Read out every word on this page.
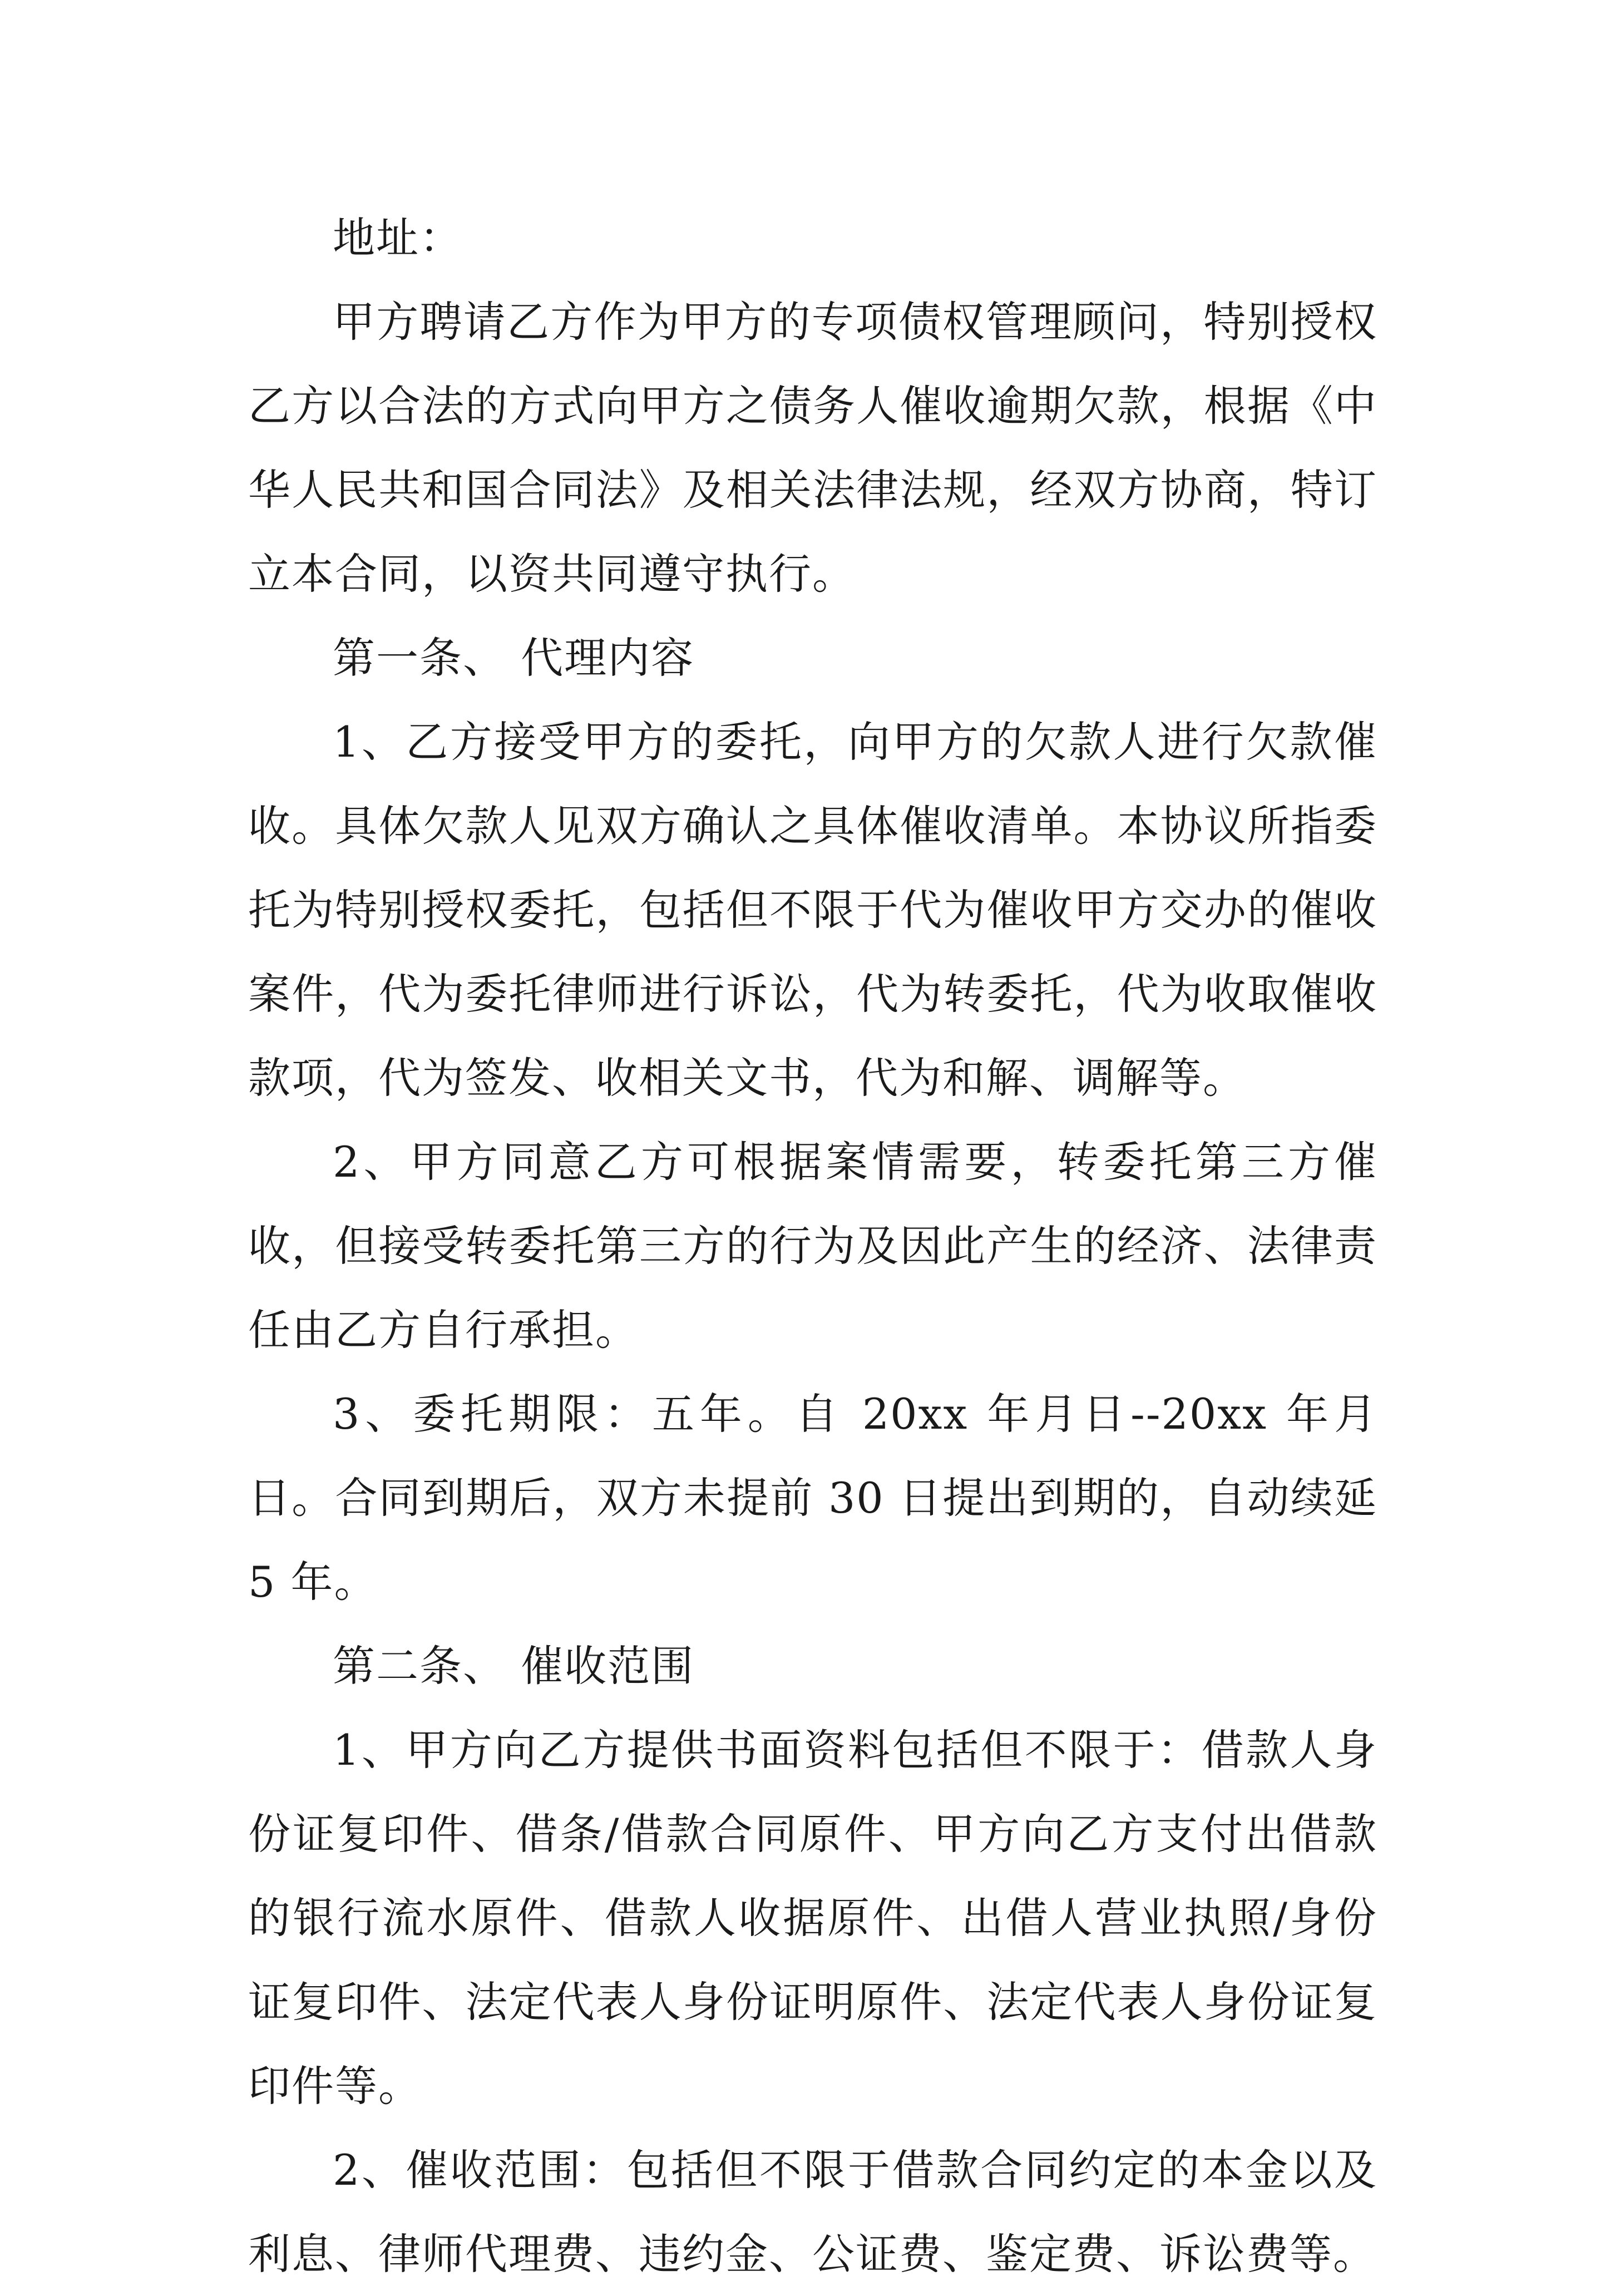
地址：

甲方聘请乙方作为甲方的专项债权管理顾问，特别授权乙方以合法的方式向甲方之债务人催收逾期欠款，根据《中华人民共和国合同法》及相关法律法规，经双方协商，特订立本合同，以资共同遵守执行。

第一条、 代理内容

1、乙方接受甲方的委托，向甲方的欠款人进行欠款催收。具体欠款人见双方确认之具体催收清单。本协议所指委托为特别授权委托，包括但不限于代为催收甲方交办的催收案件，代为委托律师进行诉讼，代为转委托，代为收取催收款项，代为签发、收相关文书，代为和解、调解等。

2、甲方同意乙方可根据案情需要，转委托第三方催收，但接受转委托第三方的行为及因此产生的经济、法律责任由乙方自行承担。

3、委托期限：五年。自 20xx 年月日--20xx 年月日。合同到期后，双方未提前 30 日提出到期的，自动续延 5 年。

第二条、 催收范围

1、甲方向乙方提供书面资料包括但不限于：借款人身份证复印件、借条/借款合同原件、甲方向乙方支付出借款的银行流水原件、借款人收据原件、出借人营业执照/身份证复印件、法定代表人身份证明原件、法定代表人身份证复印件等。

2、催收范围：包括但不限于借款合同约定的本金以及利息、律师代理费、违约金、公证费、鉴定费、诉讼费等。
